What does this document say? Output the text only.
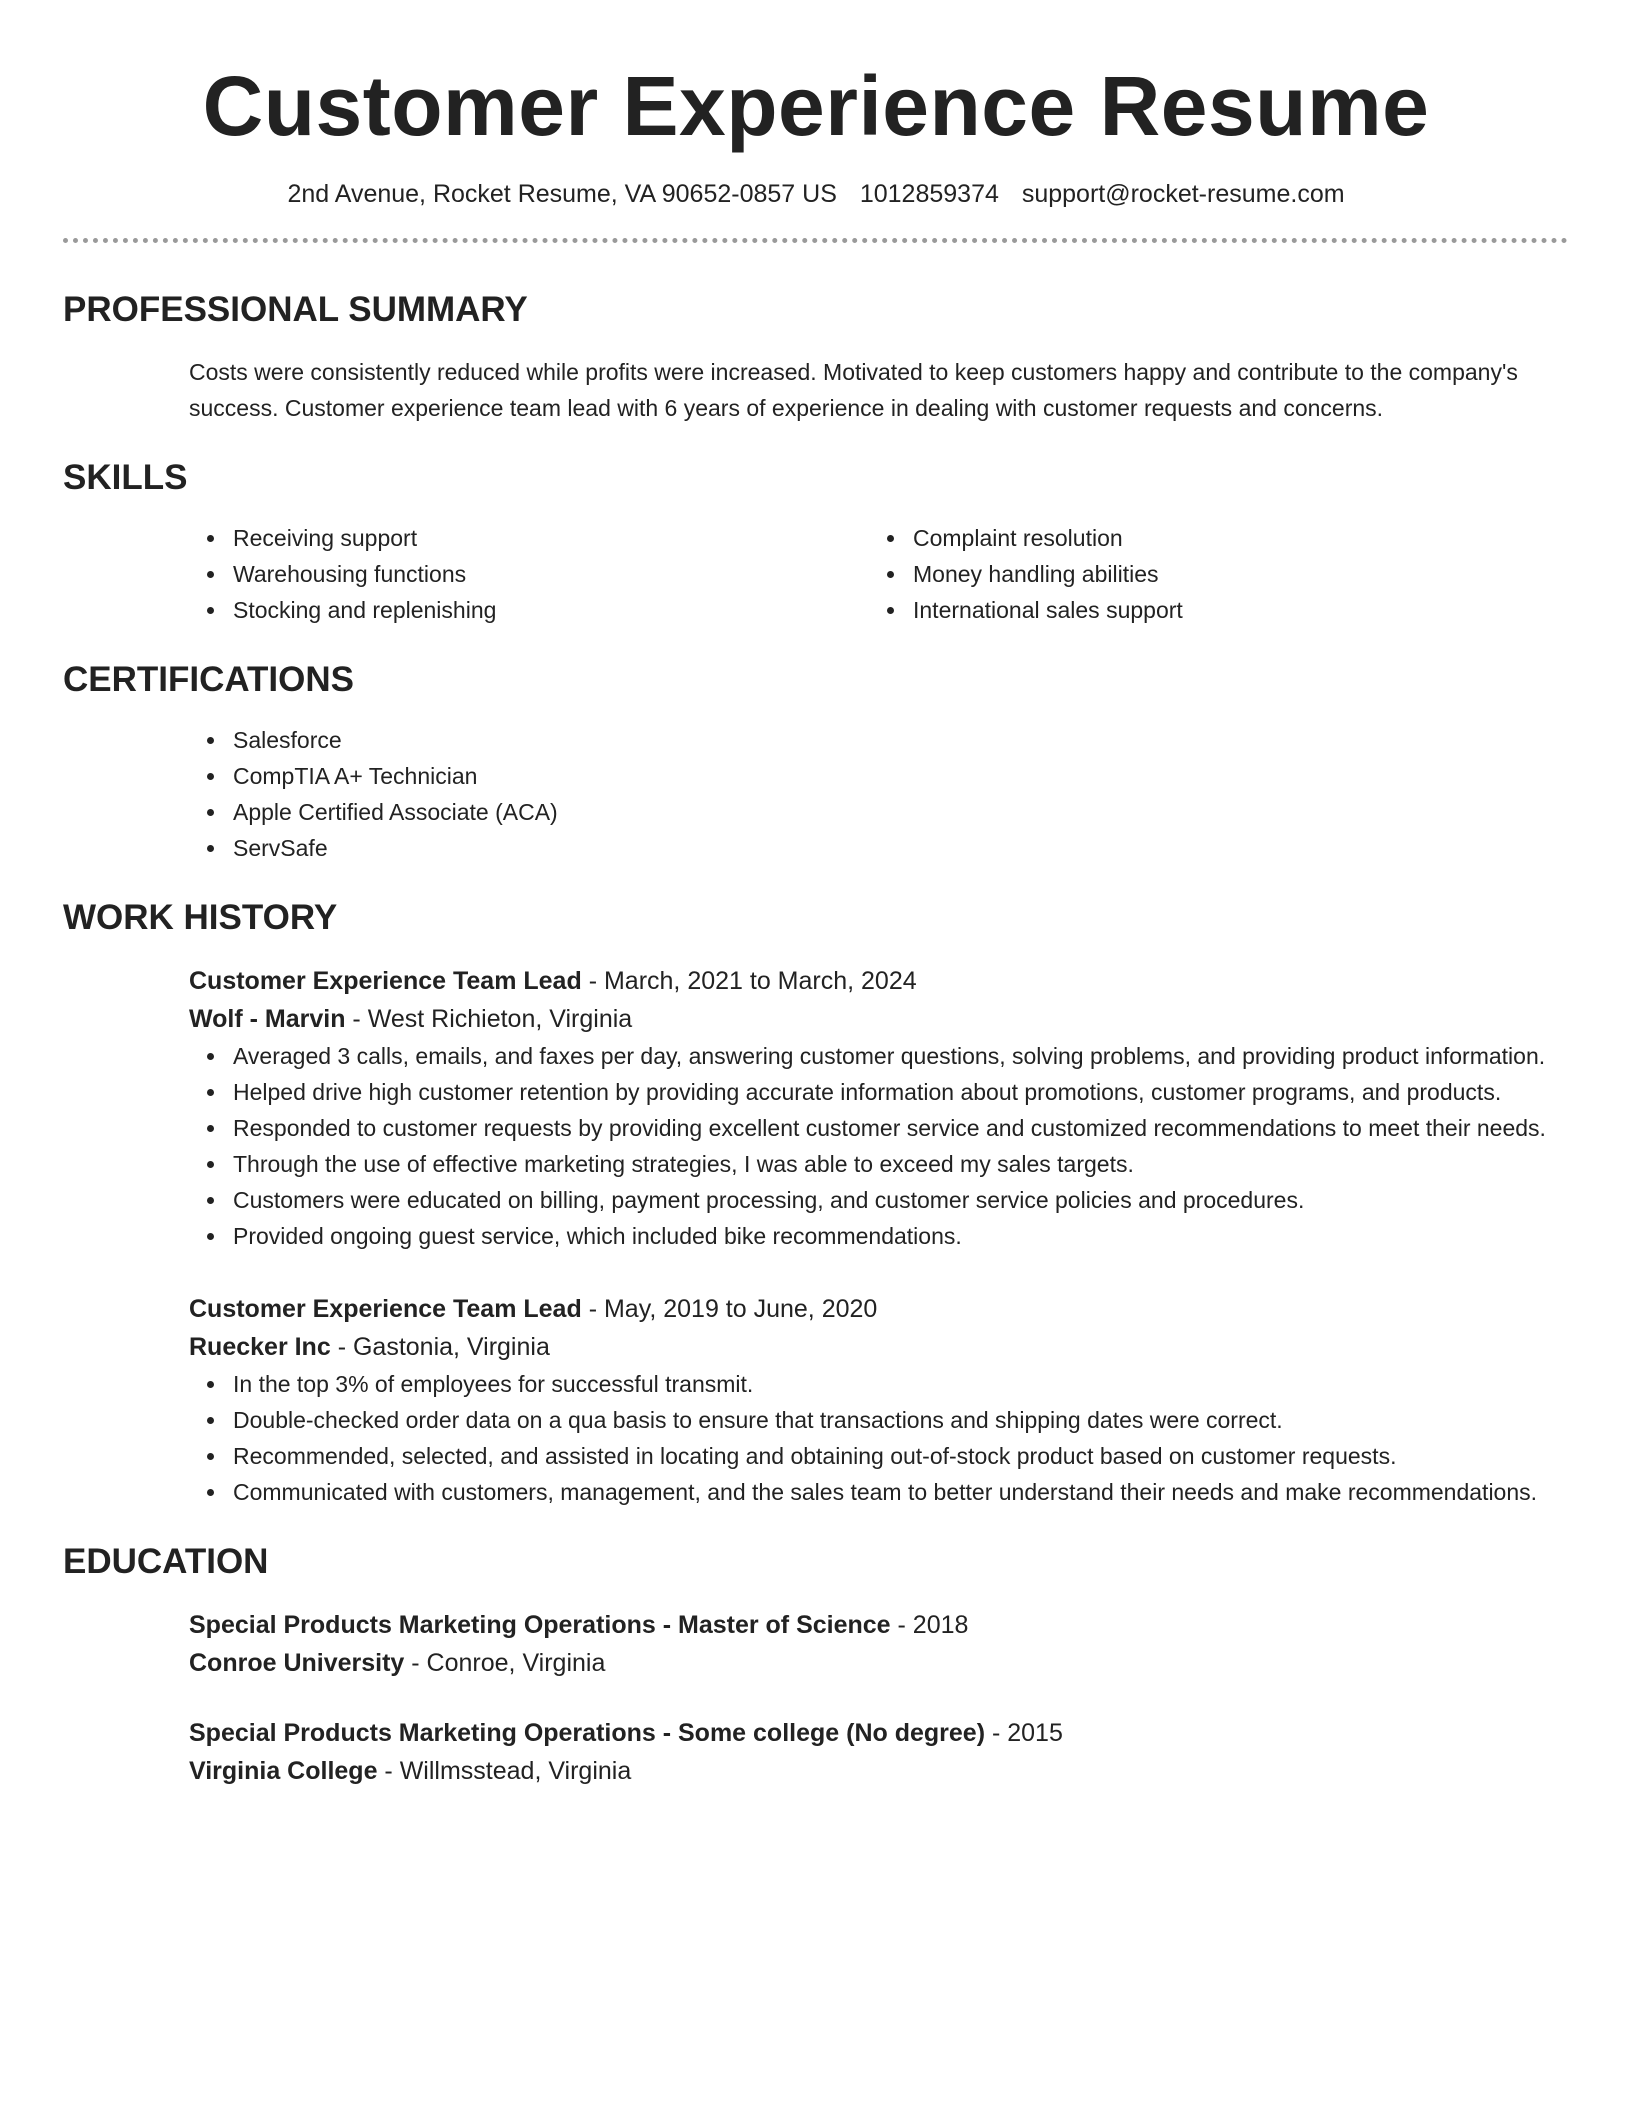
Customer Experience Resume
2nd Avenue, Rocket Resume, VA 90652-0857 US 1012859374 support@rocket-resume.com
PROFESSIONAL SUMMARY
Costs were consistently reduced while profits were increased. Motivated to keep customers happy and contribute to the company's success. Customer experience team lead with 6 years of experience in dealing with customer requests and concerns.
SKILLS
Receiving support
Warehousing functions
Stocking and replenishing
Complaint resolution
Money handling abilities
International sales support
CERTIFICATIONS
Salesforce
CompTIA A+ Technician
Apple Certified Associate (ACA)
ServSafe
WORK HISTORY
Customer Experience Team Lead - March, 2021 to March, 2024
Wolf - Marvin - West Richieton, Virginia
Averaged 3 calls, emails, and faxes per day, answering customer questions, solving problems, and providing product information.
Helped drive high customer retention by providing accurate information about promotions, customer programs, and products.
Responded to customer requests by providing excellent customer service and customized recommendations to meet their needs.
Through the use of effective marketing strategies, I was able to exceed my sales targets.
Customers were educated on billing, payment processing, and customer service policies and procedures.
Provided ongoing guest service, which included bike recommendations.
Customer Experience Team Lead - May, 2019 to June, 2020
Ruecker Inc - Gastonia, Virginia
In the top 3% of employees for successful transmit.
Double-checked order data on a qua basis to ensure that transactions and shipping dates were correct.
Recommended, selected, and assisted in locating and obtaining out-of-stock product based on customer requests.
Communicated with customers, management, and the sales team to better understand their needs and make recommendations.
EDUCATION
Special Products Marketing Operations - Master of Science - 2018
Conroe University - Conroe, Virginia
Special Products Marketing Operations - Some college (No degree) - 2015
Virginia College - Willmsstead, Virginia
